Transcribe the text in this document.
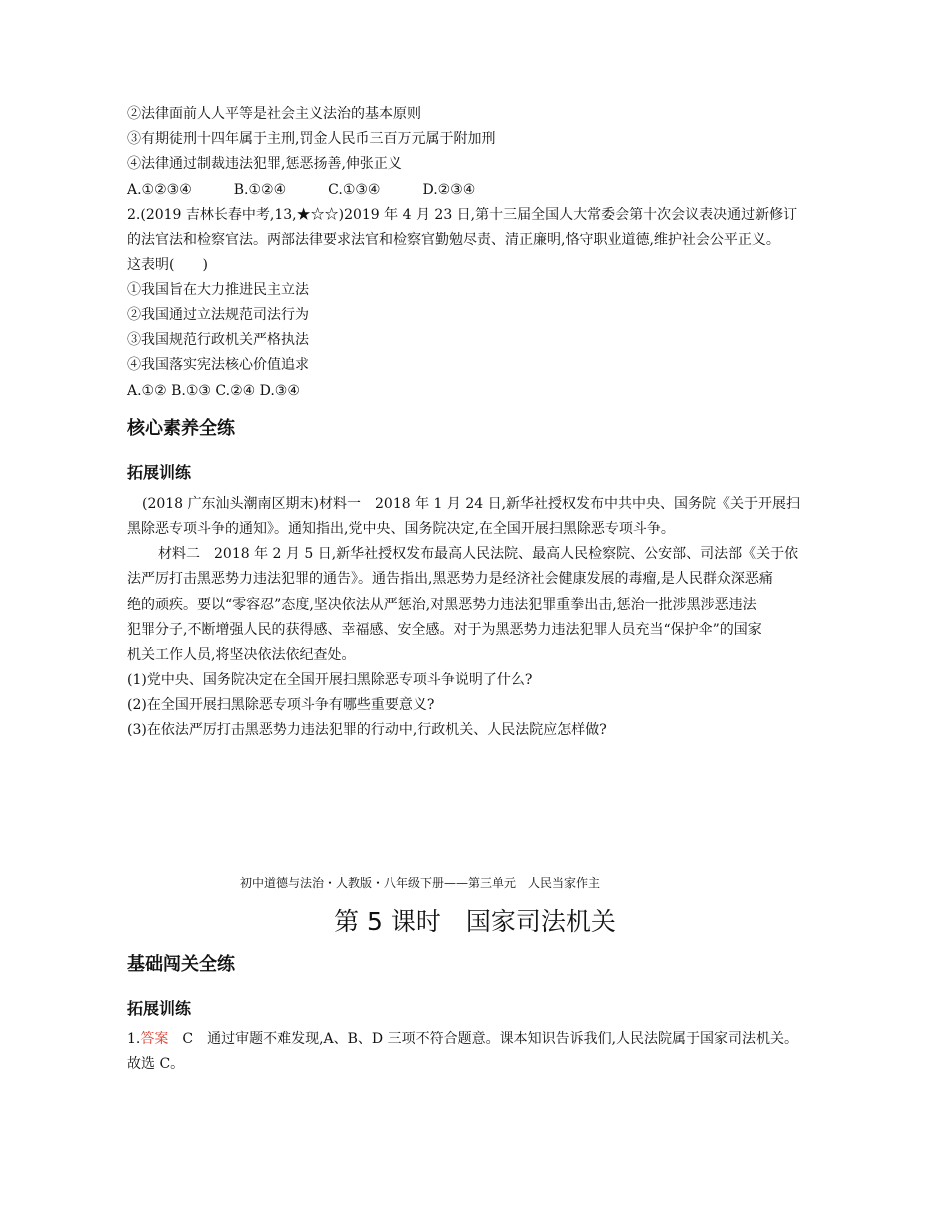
②法律面前人人平等是社会主义法治的基本原则
③有期徒刑十四年属于主刑,罚金人民币三百万元属于附加刑
④法律通过制裁违法犯罪,惩恶扬善,伸张正义
A.①②③④　　　B.①②④　　　C.①③④　　　D.②③④
2.(2019 吉林长春中考,13,★☆☆)2019 年 4 月 23 日,第十三届全国人大常委会第十次会议表决通过新修订
的法官法和检察官法。两部法律要求法官和检察官勤勉尽责、清正廉明,恪守职业道德,维护社会公平正义。
这表明(　　)
①我国旨在大力推进民主立法
②我国通过立法规范司法行为
③我国规范行政机关严格执法
④我国落实宪法核心价值追求
A.①② B.①③ C.②④ D.③④
核心素养全练
拓展训练
(2018 广东汕头潮南区期末)材料一　2018 年 1 月 24 日,新华社授权发布中共中央、国务院《关于开展扫
黑除恶专项斗争的通知》。通知指出,党中央、国务院决定,在全国开展扫黑除恶专项斗争。
材料二　2018 年 2 月 5 日,新华社授权发布最高人民法院、最高人民检察院、公安部、司法部《关于依
法严厉打击黑恶势力违法犯罪的通告》。通告指出,黑恶势力是经济社会健康发展的毒瘤,是人民群众深恶痛
绝的顽疾。要以“零容忍”态度,坚决依法从严惩治,对黑恶势力违法犯罪重拳出击,惩治一批涉黑涉恶违法
犯罪分子,不断增强人民的获得感、幸福感、安全感。对于为黑恶势力违法犯罪人员充当“保护伞”的国家
机关工作人员,将坚决依法依纪查处。
(1)党中央、国务院决定在全国开展扫黑除恶专项斗争说明了什么?
(2)在全国开展扫黑除恶专项斗争有哪些重要意义?
(3)在依法严厉打击黑恶势力违法犯罪的行动中,行政机关、人民法院应怎样做?
初中道德与法治・人教版・八年级下册——第三单元　人民当家作主
第 5 课时　国家司法机关
基础闯关全练
拓展训练
1.答案　C　通过审题不难发现,A、B、D 三项不符合题意。课本知识告诉我们,人民法院属于国家司法机关。
故选 C。
